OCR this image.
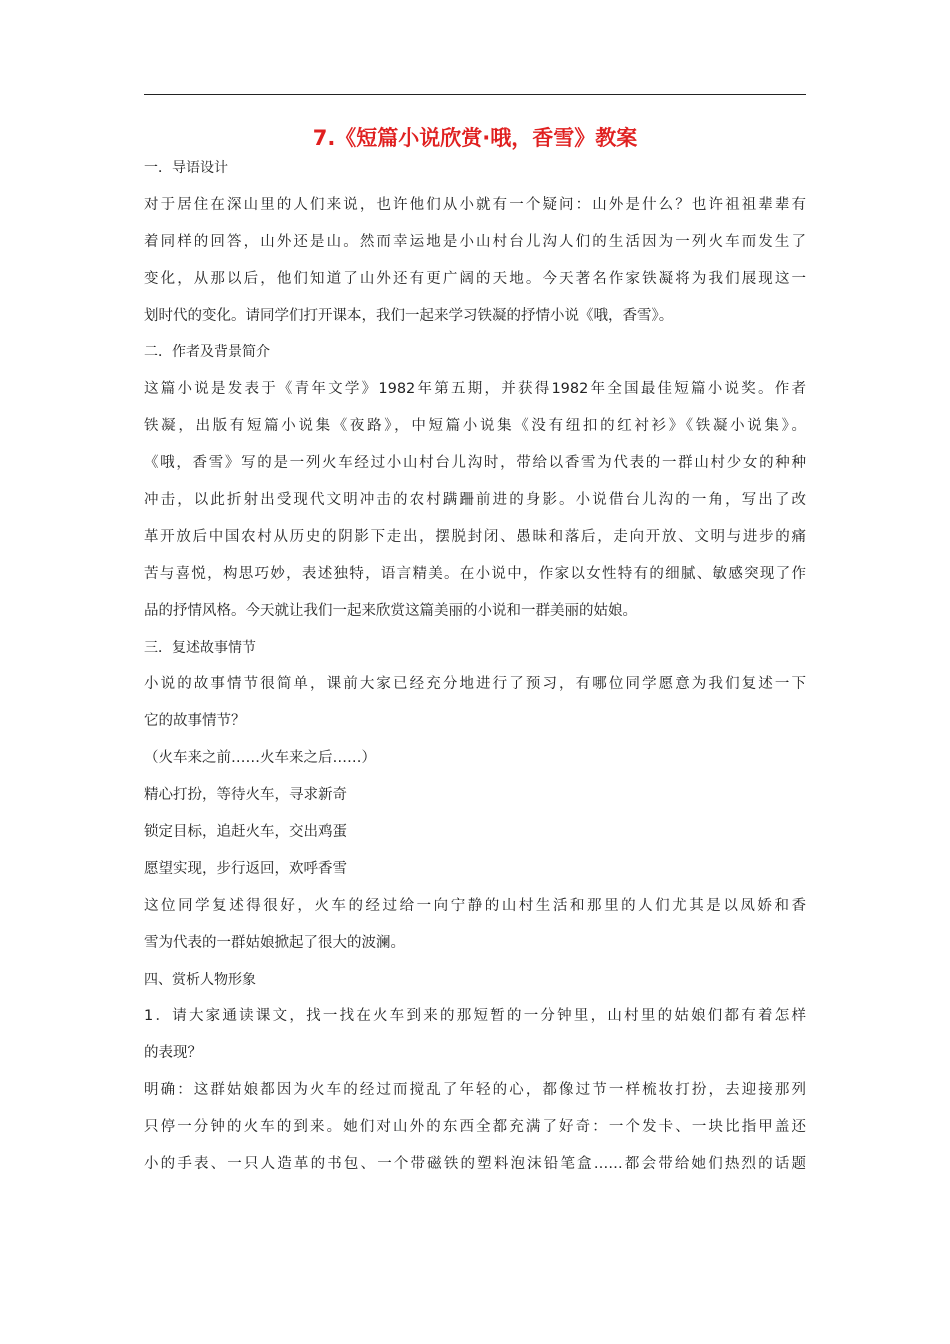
7.《短篇小说欣赏·哦，香雪》教案
一．导语设计
对于居住在深山里的人们来说，也许他们从小就有一个疑问：山外是什么？也许祖祖辈辈有
着同样的回答，山外还是山。然而幸运地是小山村台儿沟人们的生活因为一列火车而发生了
变化，从那以后，他们知道了山外还有更广阔的天地。今天著名作家铁凝将为我们展现这一
划时代的变化。请同学们打开课本，我们一起来学习铁凝的抒情小说《哦，香雪》。
二．作者及背景简介
这篇小说是发表于《青年文学》1982年第五期，并获得1982年全国最佳短篇小说奖。作者
铁凝，出版有短篇小说集《夜路》，中短篇小说集《没有纽扣的红衬衫》《铁凝小说集》。
《哦，香雪》写的是一列火车经过小山村台儿沟时，带给以香雪为代表的一群山村少女的种种
冲击，以此折射出受现代文明冲击的农村蹒跚前进的身影。小说借台儿沟的一角，写出了改
革开放后中国农村从历史的阴影下走出，摆脱封闭、愚昧和落后，走向开放、文明与进步的痛
苦与喜悦，构思巧妙，表述独特，语言精美。在小说中，作家以女性特有的细腻、敏感突现了作
品的抒情风格。今天就让我们一起来欣赏这篇美丽的小说和一群美丽的姑娘。
三．复述故事情节
小说的故事情节很简单，课前大家已经充分地进行了预习，有哪位同学愿意为我们复述一下
它的故事情节？
（火车来之前……火车来之后……）
精心打扮，等待火车，寻求新奇
锁定目标，追赶火车，交出鸡蛋
愿望实现，步行返回，欢呼香雪
这位同学复述得很好，火车的经过给一向宁静的山村生活和那里的人们尤其是以凤娇和香
雪为代表的一群姑娘掀起了很大的波澜。
四、赏析人物形象
1．请大家通读课文，找一找在火车到来的那短暂的一分钟里，山村里的姑娘们都有着怎样
的表现？
明确：这群姑娘都因为火车的经过而搅乱了年轻的心，都像过节一样梳妆打扮，去迎接那列
只停一分钟的火车的到来。她们对山外的东西全都充满了好奇：一个发卡、一块比指甲盖还
小的手表、一只人造革的书包、一个带磁铁的塑料泡沫铅笔盒……都会带给她们热烈的话题
